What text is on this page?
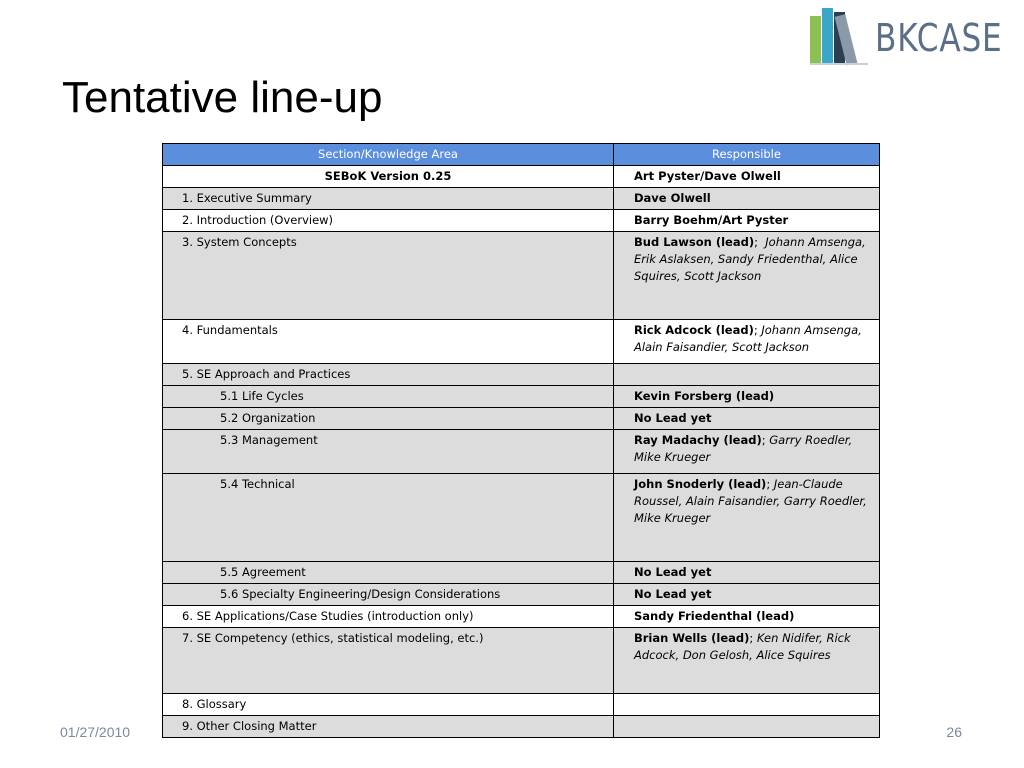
BKCASE
Tentative line-up
Section/Knowledge Area	Responsible
SEBoK Version 0.25	Art Pyster/Dave Olwell
1. Executive Summary	Dave Olwell
2. Introduction (Overview)	Barry Boehm/Art Pyster
3. System Concepts	Bud Lawson (lead);  Johann Amsenga, Erik Aslaksen, Sandy Friedenthal, Alice Squires, Scott Jackson
4. Fundamentals	Rick Adcock (lead); Johann Amsenga, Alain Faisandier, Scott Jackson
5. SE Approach and Practices	
5.1 Life Cycles	Kevin Forsberg (lead)
5.2 Organization	No Lead yet
5.3 Management	Ray Madachy (lead); Garry Roedler, Mike Krueger
5.4 Technical	John Snoderly (lead); Jean-Claude Roussel, Alain Faisandier, Garry Roedler, Mike Krueger
5.5 Agreement	No Lead yet
5.6 Specialty Engineering/Design Considerations	No Lead yet
6. SE Applications/Case Studies (introduction only)	Sandy Friedenthal (lead)
7. SE Competency (ethics, statistical modeling, etc.)	Brian Wells (lead); Ken Nidifer, Rick Adcock, Don Gelosh, Alice Squires
8. Glossary	
9. Other Closing Matter	
01/27/2010	26
